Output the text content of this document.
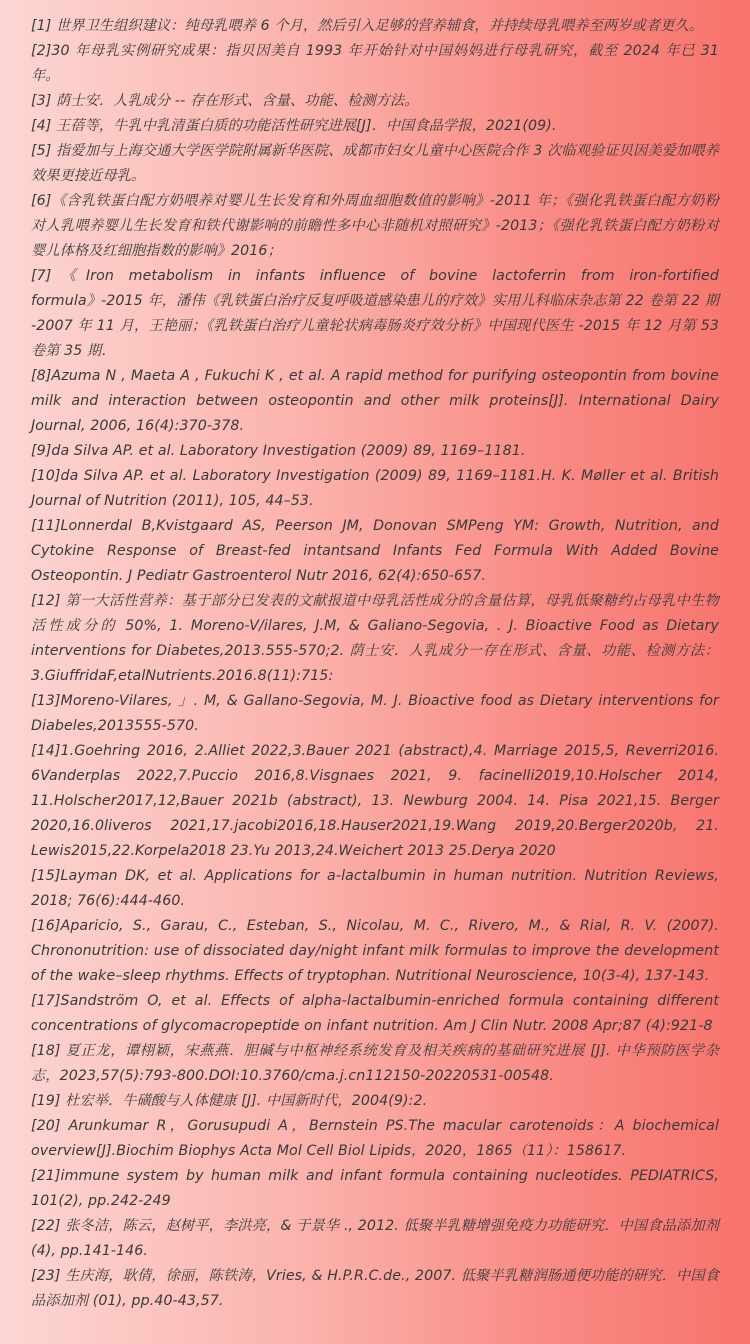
[1] 世界卫生组织建议：纯母乳喂养 6 个月，然后引入足够的营养辅食，并持续母乳喂养至两岁或者更久。

[2]30 年母乳实例研究成果：指贝因美自 1993 年开始针对中国妈妈进行母乳研究，截至 2024 年已 31 年。

[3] 荫士安．人乳成分 -- 存在形式、含量、功能、检测方法。

[4] 王蓓等，牛乳中乳清蛋白质的功能活性研究进展[J]．中国食品学报，2021(09).

[5] 指爱加与上海交通大学医学院附属新华医院、成都市妇女儿童中心医院合作 3 次临观验证贝因美爱加喂养效果更接近母乳。

[6]《含乳铁蛋白配方奶喂养对婴儿生长发育和外周血细胞数值的影响》-2011 年；《强化乳铁蛋白配方奶粉对人乳喂养婴儿生长发育和铁代谢影响的前瞻性多中心非随机对照研究》-2013；《强化乳铁蛋白配方奶粉对婴儿体格及红细胞指数的影响》2016；

[7]《Iron metabolism in infants influence of bovine lactoferrin from iron-fortified formula》-2015 年，潘伟《乳铁蛋白治疗反复呼吸道感染患儿的疗效》实用儿科临床杂志第 22 卷第 22 期 -2007 年 11 月，王艳丽；《乳铁蛋白治疗儿童轮状病毒肠炎疗效分析》中国现代医生 -2015 年 12 月第 53 卷第 35 期．

[8]Azuma N , Maeta A , Fukuchi K , et al. A rapid method for purifying osteopontin from bovine milk and interaction between osteopontin and other milk proteins[J]. International Dairy Journal, 2006, 16(4):370-378.

[9]da Silva AP. et al. Laboratory Investigation (2009) 89, 1169–1181.

[10]da Silva AP. et al. Laboratory Investigation (2009) 89, 1169–1181.H. K. Møller et al. British Journal of Nutrition (2011), 105, 44–53.

[11]Lonnerdal B,Kvistgaard AS, Peerson JM, Donovan SMPeng YM: Growth, Nutrition, and Cytokine Response of Breast-fed intantsand Infants Fed Formula With Added Bovine Osteopontin. J Pediatr Gastroenterol Nutr 2016, 62(4):650-657.

[12] 第一大活性营养：基于部分已发表的文献报道中母乳活性成分的含量估算，母乳低聚糖约占母乳中生物活性成分的 50%, 1. Moreno-V/ilares, J.M, & Galiano-Segovia, . J. Bioactive Food as Dietary interventions for Diabetes,2013.555-570;2. 荫士安．人乳成分一存在形式、含量、功能、检测方法：3.GiuffridaF,etalNutrients.2016.8(11):715:

[13]Moreno-Vilares, 」. M, & Gallano-Segovia, M. J. Bioactive food as Dietary interventions for Diabeles,2013555-570.

[14]1.Goehring 2016, 2.Alliet 2022,3.Bauer 2021 (abstract),4. Marriage 2015,5, Reverri2016. 6Vanderplas 2022,7.Puccio 2016,8.Visgnaes 2021, 9. facinelli2019,10.Holscher 2014, 11.Holscher2017,12,Bauer 2021b (abstract), 13. Newburg 2004. 14. Pisa 2021,15. Berger 2020,16.0liveros 2021,17.jacobi2016,18.Hauser2021,19.Wang 2019,20.Berger2020b, 21. Lewis2015,22.Korpela2018 23.Yu 2013,24.Weichert 2013 25.Derya 2020

[15]Layman DK, et al. Applications for a-lactalbumin in human nutrition. Nutrition Reviews, 2018; 76(6):444-460.

[16]Aparicio, S., Garau, C., Esteban, S., Nicolau, M. C., Rivero, M., & Rial, R. V. (2007). Chrononutrition: use of dissociated day/night infant milk formulas to improve the development of the wake–sleep rhythms. Effects of tryptophan. Nutritional Neuroscience, 10(3-4), 137-143.

[17]Sandström O, et al. Effects of alpha-lactalbumin-enriched formula containing different concentrations of glycomacropeptide on infant nutrition. Am J Clin Nutr. 2008 Apr;87 (4):921-8

[18] 夏正龙，谭栩颖，宋燕燕．胆碱与中枢神经系统发育及相关疾病的基础研究进展 [J]. 中华预防医学杂志，2023,57(5):793-800.DOI:10.3760/cma.j.cn112150-20220531-00548.

[19] 杜宏举．牛磺酸与人体健康 [J]. 中国新时代，2004(9):2.

[20] Arunkumar R，Gorusupudi A，Bernstein PS.The macular carotenoids：A biochemical overview[J].Biochim Biophys Acta Mol Cell Biol Lipids，2020，1865（11）：158617.

[21]immune system by human milk and infant formula containing nucleotides. PEDIATRICS, 101(2), pp.242-249

[22] 张冬洁，陈云，赵树平，李洪亮，& 于景华 ., 2012. 低聚半乳糖增强免疫力功能研究．中国食品添加剂 (4), pp.141-146.

[23] 生庆海，耿倩，徐丽，陈铁涛，Vries, & H.P.R.C.de., 2007. 低聚半乳糖润肠通便功能的研究．中国食品添加剂 (01), pp.40-43,57.
